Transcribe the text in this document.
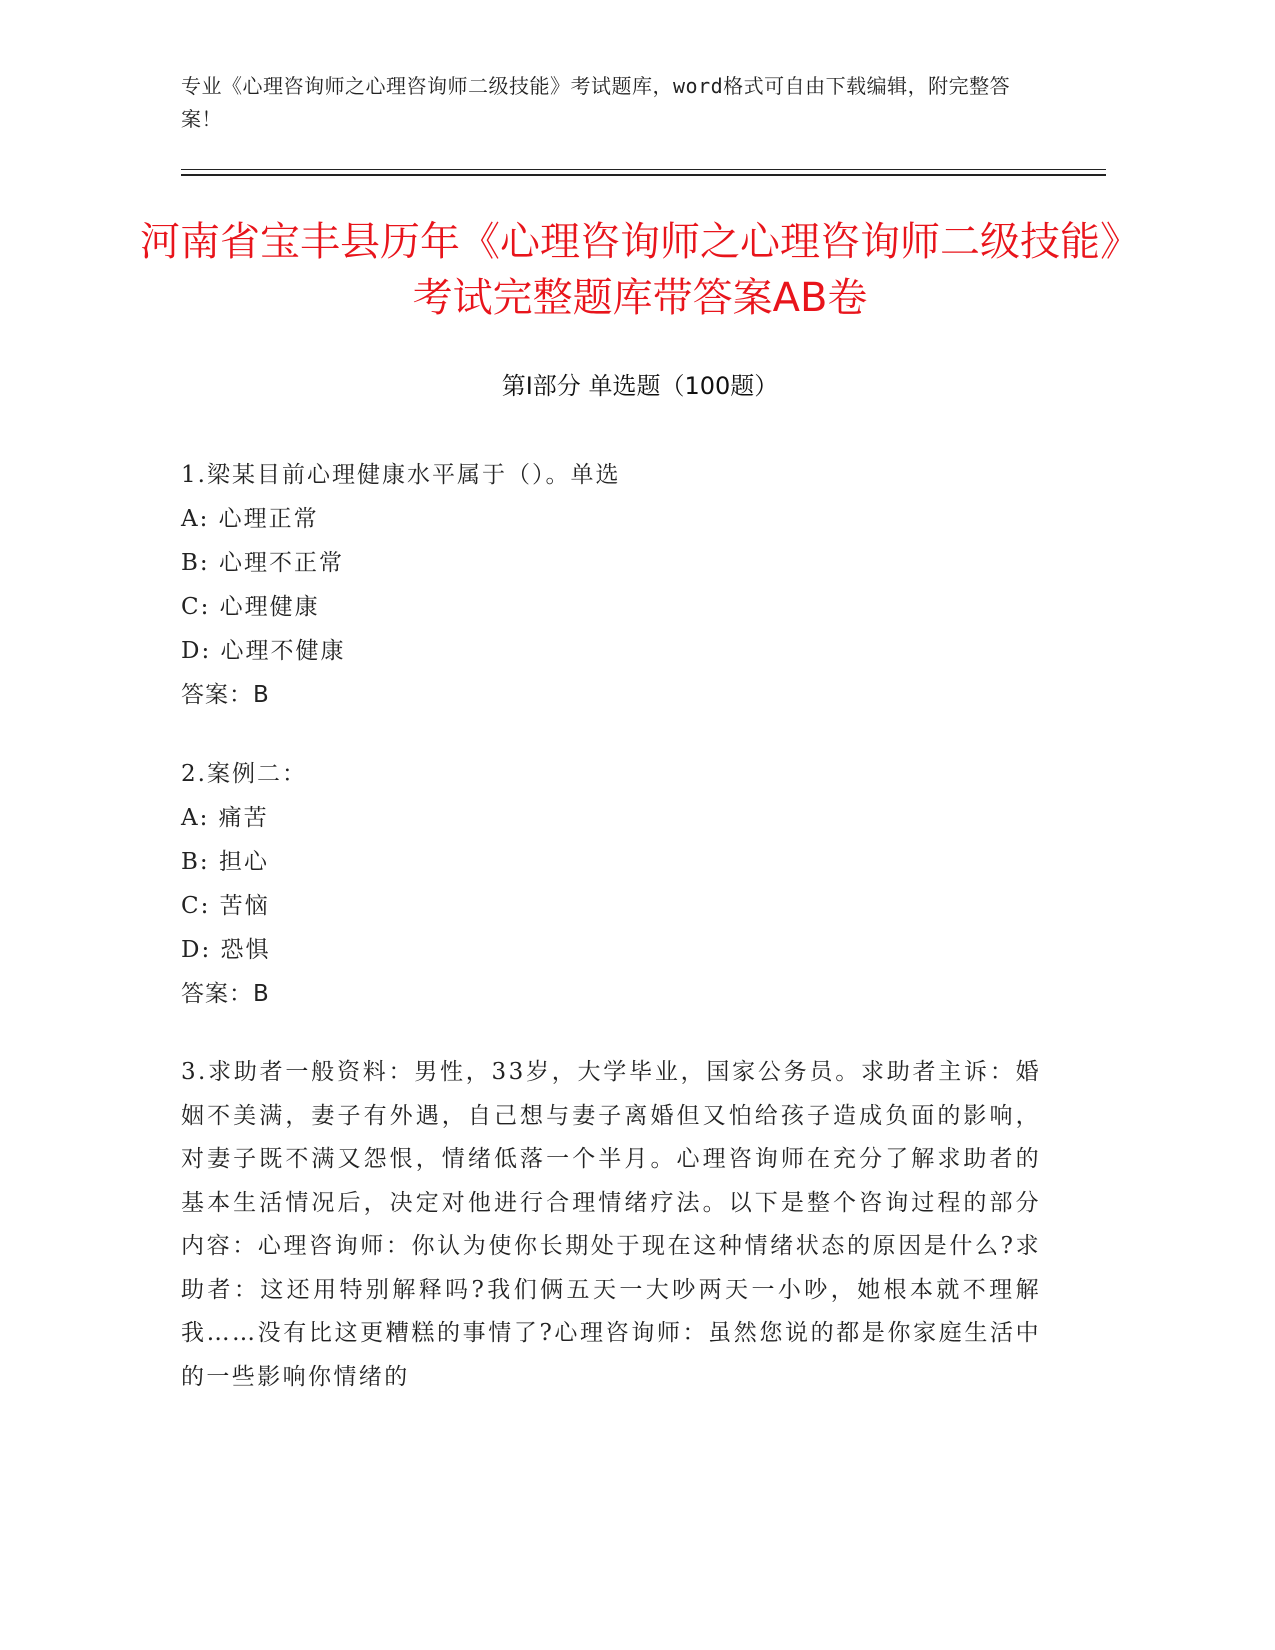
专业《心理咨询师之心理咨询师二级技能》考试题库，word格式可自由下载编辑，附完整答案！
河南省宝丰县历年《心理咨询师之心理咨询师二级技能》考试完整题库带答案AB卷
第Ⅰ部分 单选题（100题）
1.梁某目前心理健康水平属于（）。单选
A: 心理正常
B: 心理不正常
C: 心理健康
D: 心理不健康
答案：B
2.案例二：
A: 痛苦
B: 担心
C: 苦恼
D: 恐惧
答案：B
3.求助者一般资料：男性，33岁，大学毕业，国家公务员。求助者主诉：婚姻不美满，妻子有外遇，自己想与妻子离婚但又怕给孩子造成负面的影响，对妻子既不满又怨恨，情绪低落一个半月。心理咨询师在充分了解求助者的基本生活情况后，决定对他进行合理情绪疗法。以下是整个咨询过程的部分内容：心理咨询师：你认为使你长期处于现在这种情绪状态的原因是什么?求助者：这还用特别解释吗?我们俩五天一大吵两天一小吵，她根本就不理解我……没有比这更糟糕的事情了?心理咨询师：虽然您说的都是你家庭生活中的一些影响你情绪的
